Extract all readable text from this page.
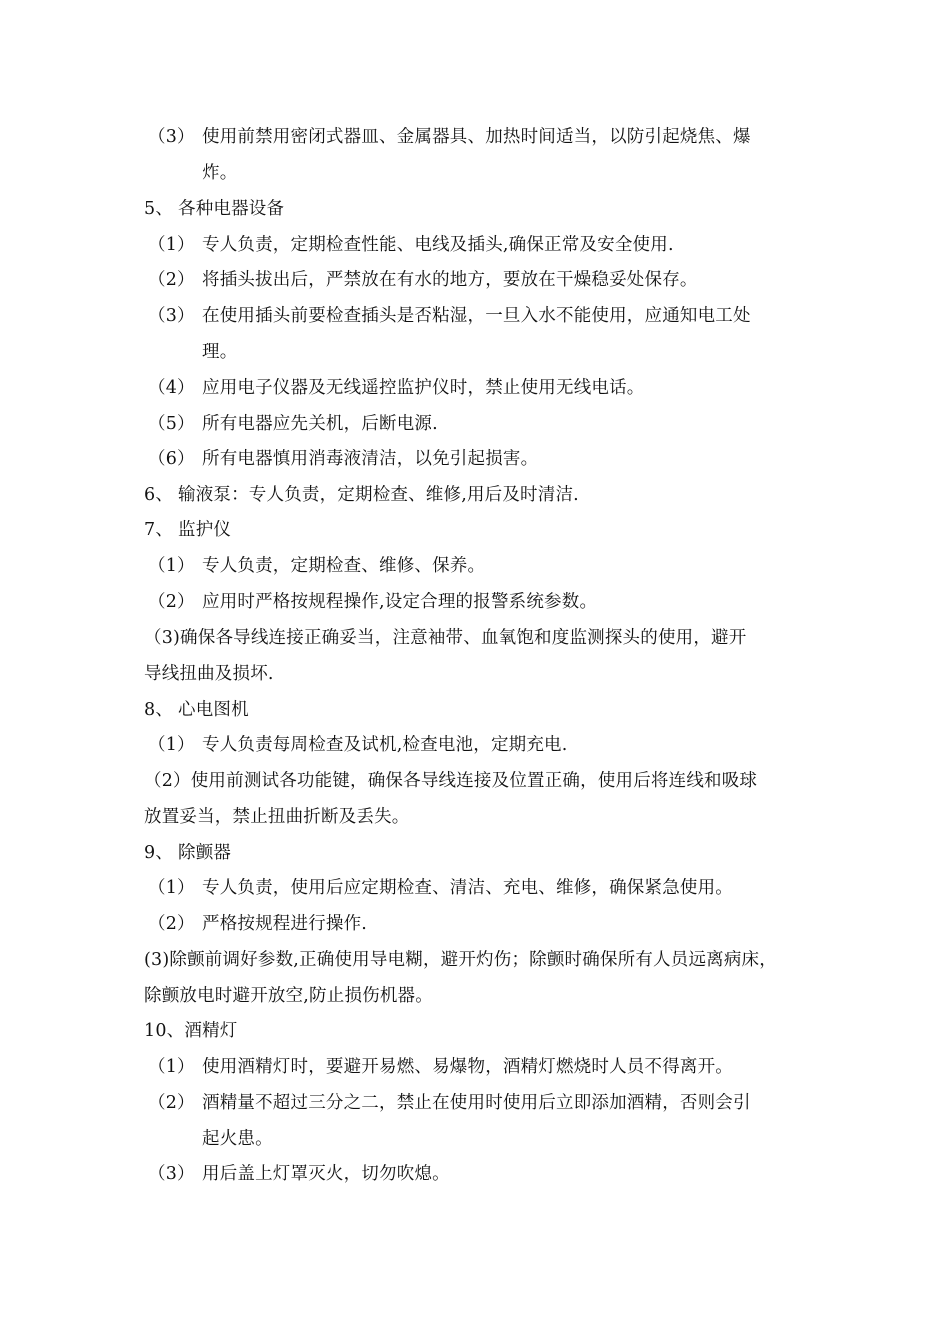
（3） 使用前禁用密闭式器皿、金属器具、加热时间适当，以防引起烧焦、爆
炸。
5、 各种电器设备
（1） 专人负责，定期检查性能、电线及插头,确保正常及安全使用.
（2） 将插头拔出后，严禁放在有水的地方，要放在干燥稳妥处保存。
（3） 在使用插头前要检查插头是否粘湿，一旦入水不能使用，应通知电工处
理。
（4） 应用电子仪器及无线遥控监护仪时，禁止使用无线电话。
（5） 所有电器应先关机，后断电源.
（6） 所有电器慎用消毒液清洁，以免引起损害。
6、 输液泵：专人负责，定期检查、维修,用后及时清洁.
7、 监护仪
（1） 专人负责，定期检查、维修、保养。
（2） 应用时严格按规程操作,设定合理的报警系统参数。
（3)确保各导线连接正确妥当，注意袖带、血氧饱和度监测探头的使用，避开
导线扭曲及损坏.
8、 心电图机
（1） 专人负责每周检查及试机,检查电池，定期充电.
（2）使用前测试各功能键，确保各导线连接及位置正确，使用后将连线和吸球
放置妥当，禁止扭曲折断及丢失。
9、 除颤器
（1） 专人负责，使用后应定期检查、清洁、充电、维修，确保紧急使用。
（2） 严格按规程进行操作.
(3)除颤前调好参数,正确使用导电糊，避开灼伤；除颤时确保所有人员远离病床，
除颤放电时避开放空,防止损伤机器。
10、酒精灯
（1） 使用酒精灯时，要避开易燃、易爆物，酒精灯燃烧时人员不得离开。
（2） 酒精量不超过三分之二，禁止在使用时使用后立即添加酒精，否则会引
起火患。
（3） 用后盖上灯罩灭火，切勿吹熄。
